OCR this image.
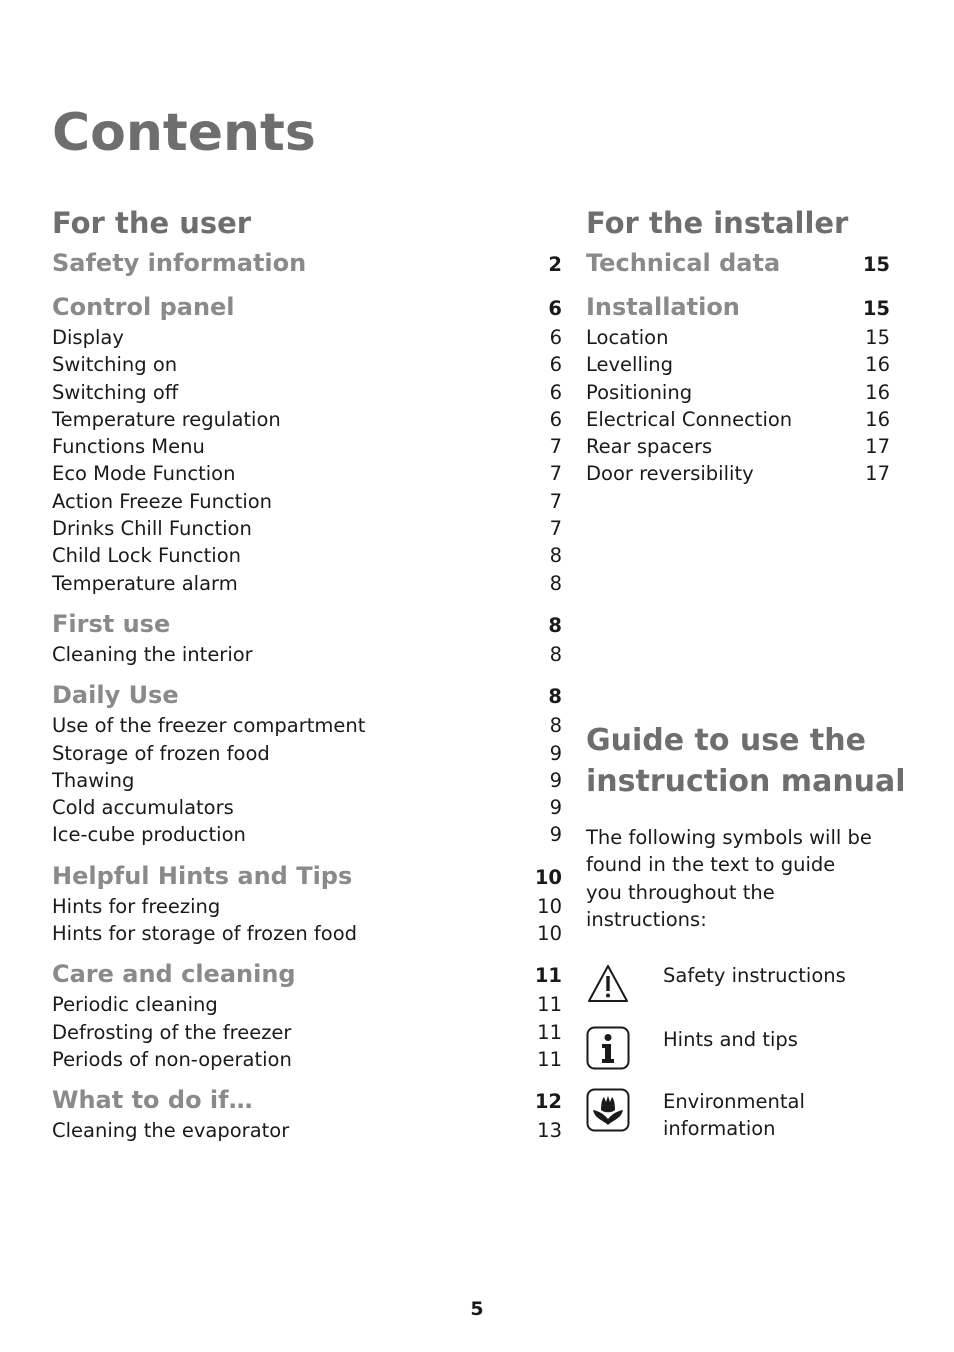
Contents
For the user
Safety information	2
Control panel	6
Display	6
Switching on	6
Switching off	6
Temperature regulation	6
Functions Menu	7
Eco Mode Function	7
Action Freeze Function	7
Drinks Chill Function	7
Child Lock Function	8
Temperature alarm	8
First use	8
Cleaning the interior	8
Daily Use	8
Use of the freezer compartment	8
Storage of frozen food	9
Thawing	9
Cold accumulators	9
Ice-cube production	9
Helpful Hints and Tips	10
Hints for freezing	10
Hints for storage of frozen food	10
Care and cleaning	11
Periodic cleaning	11
Defrosting of the freezer	11
Periods of non-operation	11
What to do if…	12
Cleaning the evaporator	13
For the installer
Technical data	15
Installation	15
Location	15
Levelling	16
Positioning	16
Electrical Connection	16
Rear spacers	17
Door reversibility	17
Guide to use the instruction manual

The following symbols will be found in the text to guide you throughout the instructions:

Safety instructions
Hints and tips
Environmental information
5
